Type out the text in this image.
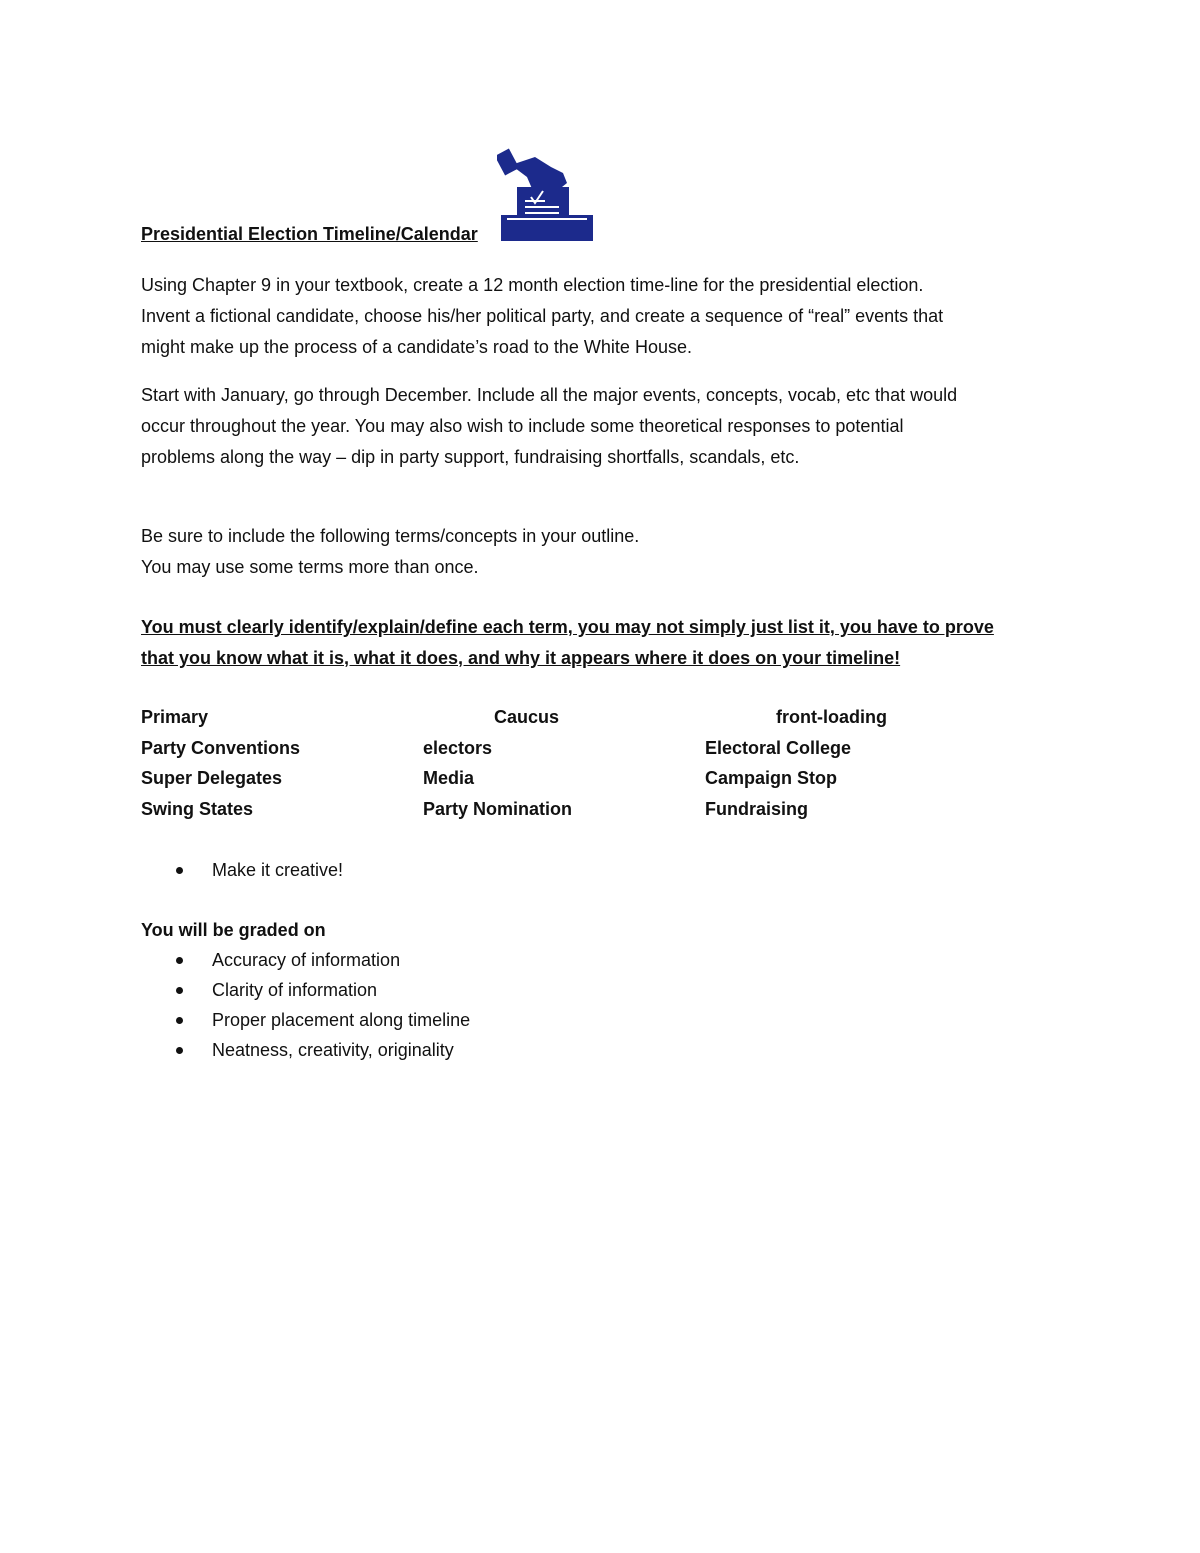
Presidential Election Timeline/Calendar

Using Chapter 9 in your textbook, create a 12 month election time-line for the presidential election.

Invent a fictional candidate, choose his/her political party, and create a sequence of “real” events that

might make up the process of a candidate’s road to the White House.

Start with January, go through December. Include all the major events, concepts, vocab, etc that would

occur throughout the year. You may also wish to include some theoretical responses to potential

problems along the way – dip in party support, fundraising shortfalls, scandals, etc.

Be sure to include the following terms/concepts in your outline.

You may use some terms more than once.

You must clearly identify/explain/define each term, you may not simply just list it, you have to prove

that you know what it is, what it does, and why it appears where it does on your timeline!

Primary	Caucus	front-loading
Party Conventions	electors	Electoral College
Super Delegates	Media	Campaign Stop
Swing States	Party Nomination	Fundraising
Make it creative!
You will be graded on
Accuracy of information
Clarity of information
Proper placement along timeline
Neatness, creativity, originality
